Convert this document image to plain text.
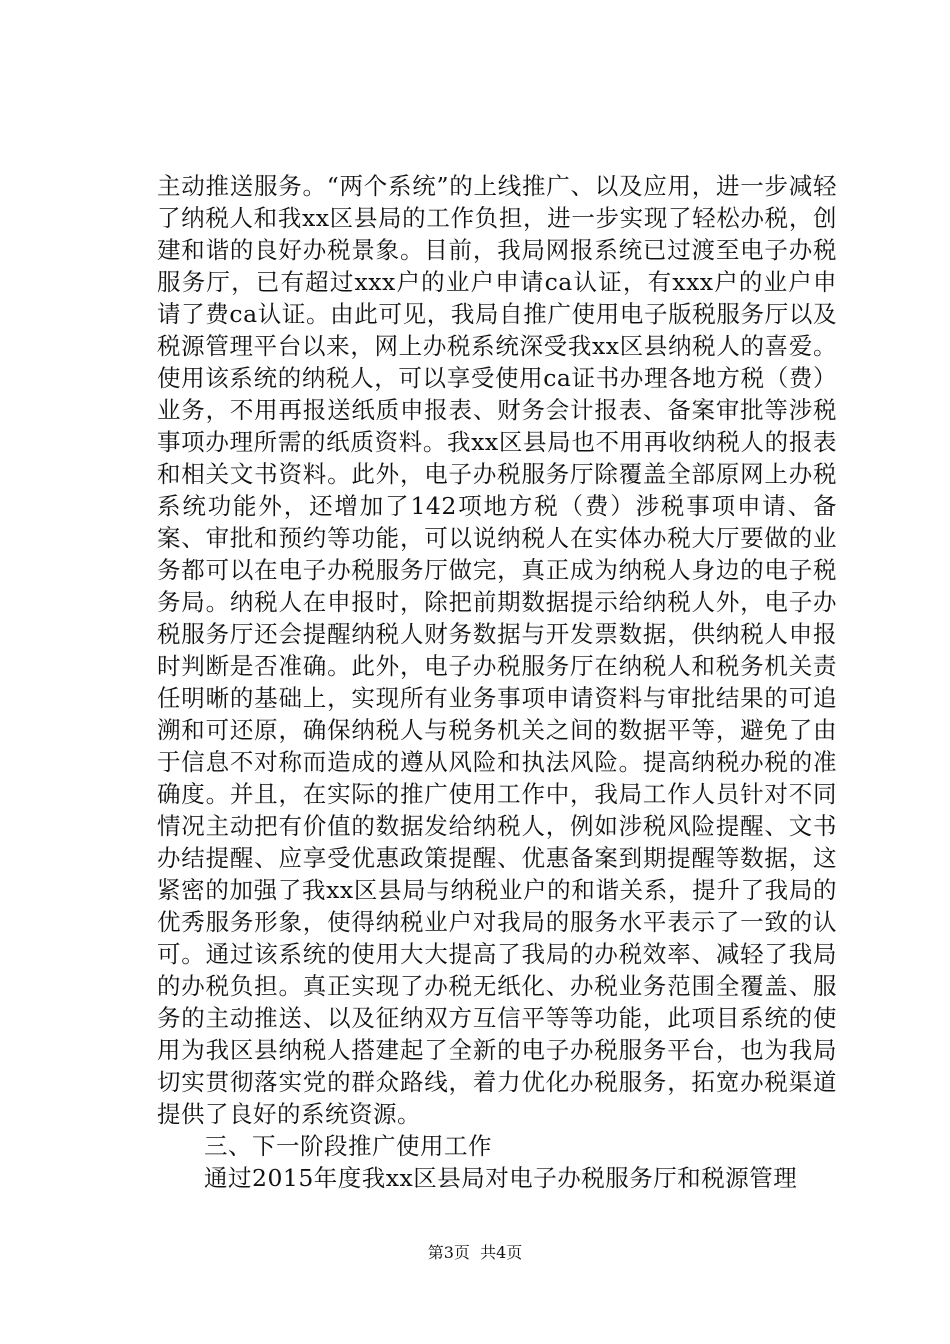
主动推送服务。“两个系统”的上线推广、以及应用，进一步减轻了纳税人和我xx区县局的工作负担，进一步实现了轻松办税，创建和谐的良好办税景象。目前，我局网报系统已过渡至电子办税服务厅，已有超过xxx户的业户申请ca认证，有xxx户的业户申请了费ca认证。由此可见，我局自推广使用电子版税服务厅以及税源管理平台以来，网上办税系统深受我xx区县纳税人的喜爱。使用该系统的纳税人，可以享受使用ca证书办理各地方税（费）业务，不用再报送纸质申报表、财务会计报表、备案审批等涉税事项办理所需的纸质资料。我xx区县局也不用再收纳税人的报表和相关文书资料。此外，电子办税服务厅除覆盖全部原网上办税系统功能外，还增加了142项地方税（费）涉税事项申请、备案、审批和预约等功能，可以说纳税人在实体办税大厅要做的业务都可以在电子办税服务厅做完，真正成为纳税人身边的电子税务局。纳税人在申报时，除把前期数据提示给纳税人外，电子办税服务厅还会提醒纳税人财务数据与开发票数据，供纳税人申报时判断是否准确。此外，电子办税服务厅在纳税人和税务机关责任明晰的基础上，实现所有业务事项申请资料与审批结果的可追溯和可还原，确保纳税人与税务机关之间的数据平等，避免了由于信息不对称而造成的遵从风险和执法风险。提高纳税办税的准确度。并且，在实际的推广使用工作中，我局工作人员针对不同情况主动把有价值的数据发给纳税人，例如涉税风险提醒、文书办结提醒、应享受优惠政策提醒、优惠备案到期提醒等数据，这紧密的加强了我xx区县局与纳税业户的和谐关系，提升了我局的优秀服务形象，使得纳税业户对我局的服务水平表示了一致的认可。通过该系统的使用大大提高了我局的办税效率、减轻了我局的办税负担。真正实现了办税无纸化、办税业务范围全覆盖、服务的主动推送、以及征纳双方互信平等等功能，此项目系统的使用为我区县纳税人搭建起了全新的电子办税服务平台，也为我局切实贯彻落实党的群众路线，着力优化办税服务，拓宽办税渠道提供了良好的系统资源。

三、下一阶段推广使用工作

通过2015年度我xx区县局对电子办税服务厅和税源管理

第3页  共4页
